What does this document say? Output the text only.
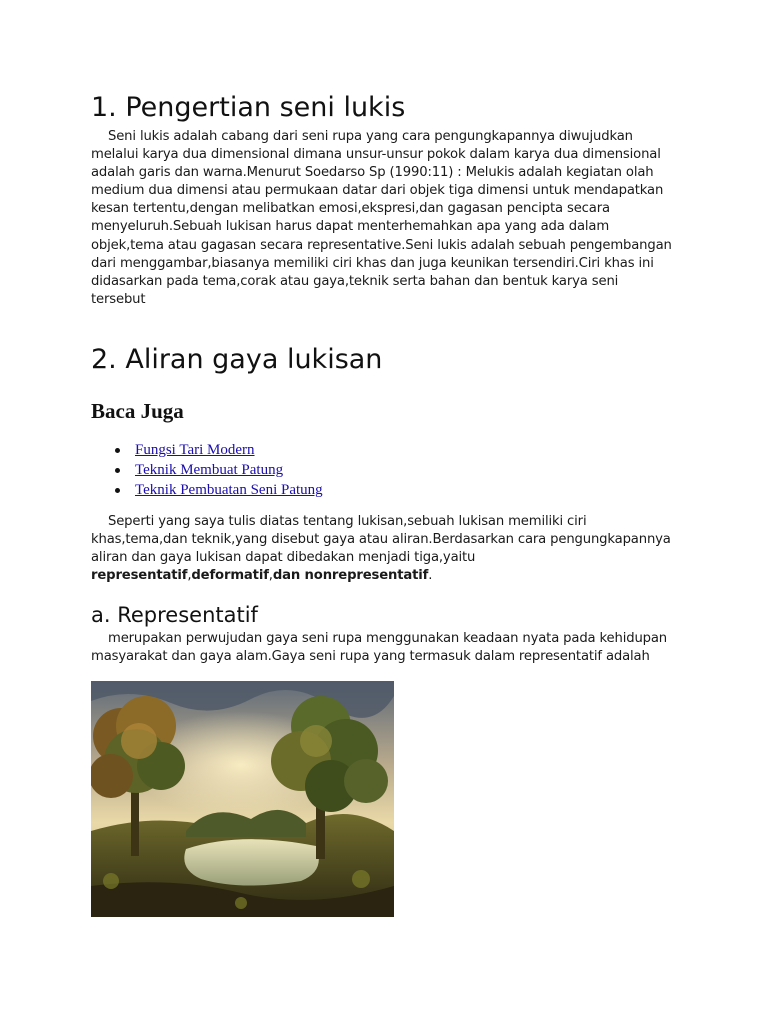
1. Pengertian seni lukis

Seni lukis adalah cabang dari seni rupa yang cara pengungkapannya diwujudkan melalui karya dua dimensional dimana unsur-unsur pokok dalam karya dua dimensional adalah garis dan warna.Menurut Soedarso Sp (1990:11) : Melukis adalah kegiatan olah medium dua dimensi atau permukaan datar dari objek tiga dimensi untuk mendapatkan kesan tertentu,dengan melibatkan emosi,ekspresi,dan gagasan pencipta secara menyeluruh.Sebuah lukisan harus dapat menterhemahkan apa yang ada dalam objek,tema atau gagasan secara representative.Seni lukis adalah sebuah pengembangan dari menggambar,biasanya memiliki ciri khas dan juga keunikan tersendiri.Ciri khas ini didasarkan pada tema,corak atau gaya,teknik serta bahan dan bentuk karya seni tersebut

2. Aliran gaya lukisan
Baca Juga
Fungsi Tari Modern
Teknik Membuat Patung
Teknik Pembuatan Seni Patung

Seperti yang saya tulis diatas tentang lukisan,sebuah lukisan memiliki ciri khas,tema,dan teknik,yang disebut gaya atau aliran.Berdasarkan cara pengungkapannya aliran dan gaya lukisan dapat dibedakan menjadi tiga,yaitu representatif,deformatif,dan nonrepresentatif.

a. Representatif

merupakan perwujudan gaya seni rupa menggunakan keadaan nyata pada kehidupan masyarakat dan gaya alam.Gaya seni rupa yang termasuk dalam representatif adalah
